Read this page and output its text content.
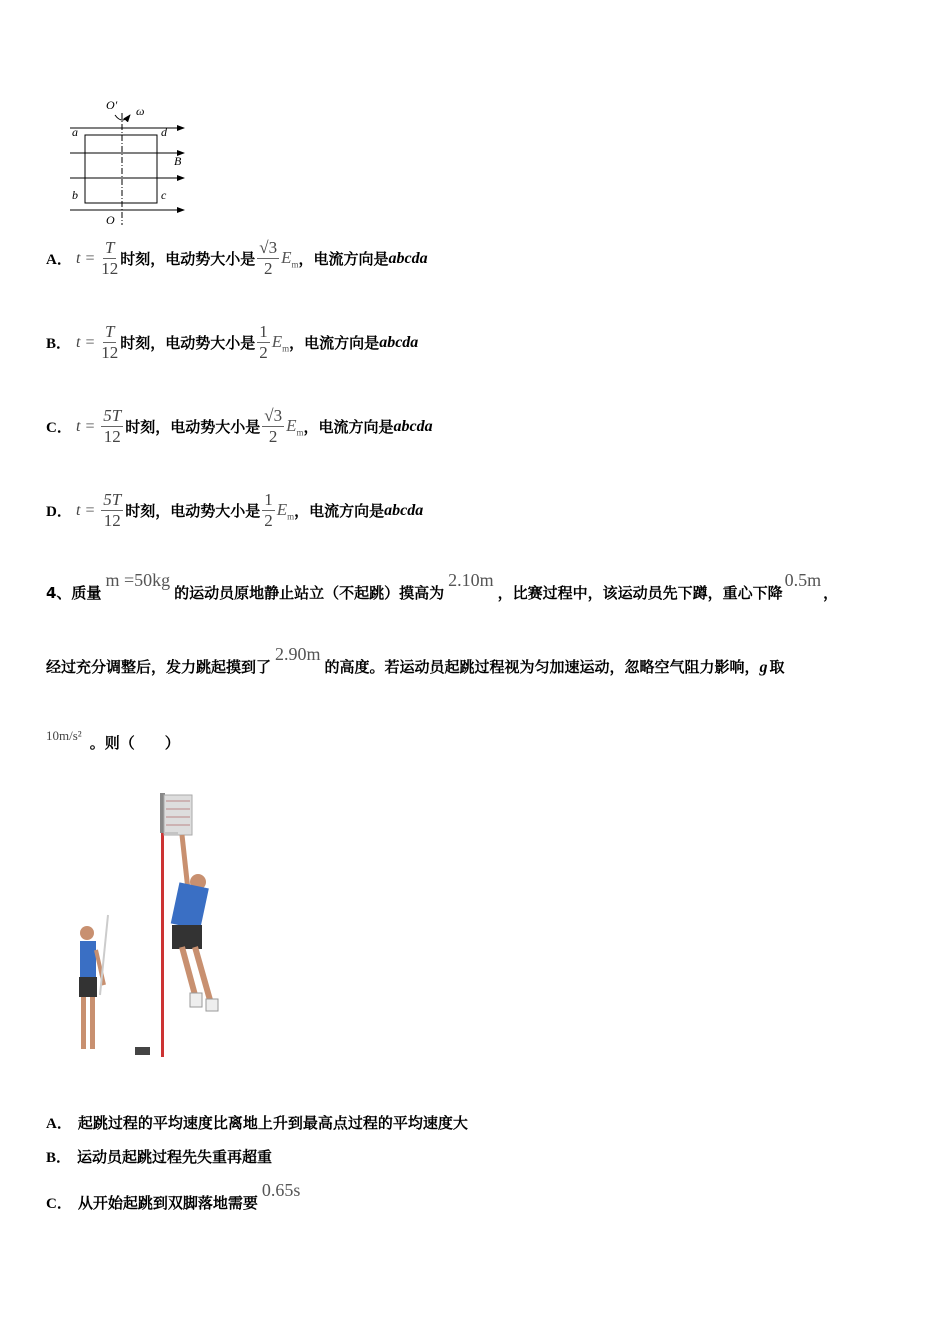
O′ ω
a	d
B
b	c
O
A． $t = \frac{T}{12}$ 时刻，电动势大小是 $\frac{√3}{2} E_m$ ，电流方向是 abcda
B． $t = \frac{T}{12}$ 时刻，电动势大小是 $\frac{1}{2} E_m$ ，电流方向是 abcda
C． $t = \frac{5T}{12}$ 时刻，电动势大小是 $\frac{√3}{2} E_m$ ，电流方向是 abcda
D． $t = \frac{5T}{12}$ 时刻，电动势大小是 $\frac{1}{2} E_m$ ，电流方向是 abcda
4、质量m =50kg的运动员原地静止站立（不起跳）摸高为2.10m，比赛过程中，该运动员先下蹲，重心下降0.5m，
经过充分调整后，发力跳起摸到了2.90m的高度。若运动员起跳过程视为匀加速运动，忽略空气阻力影响，g 取
10m/s² 。则（　　）
A． 起跳过程的平均速度比离地上升到最高点过程的平均速度大
B． 运动员起跳过程先失重再超重
C． 从开始起跳到双脚落地需要0.65s
